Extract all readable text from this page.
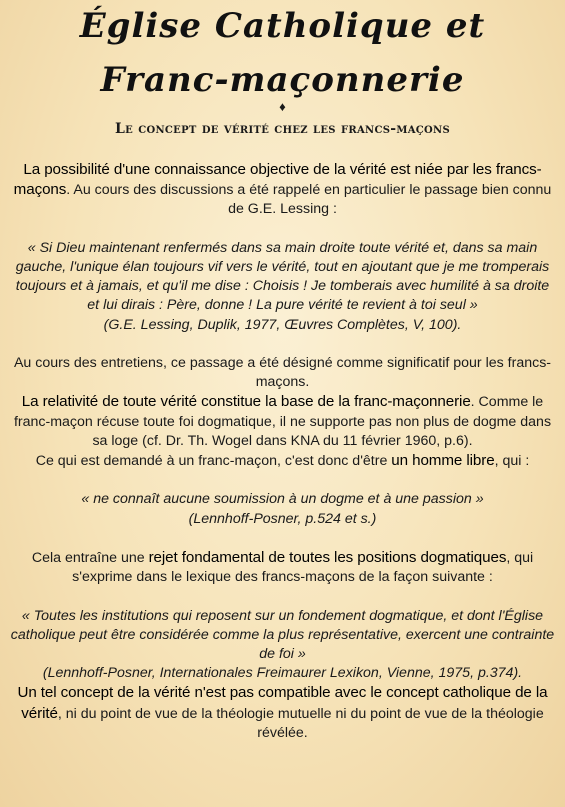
Église Catholique et
Franc-maçonnerie
♦
Le concept de vérité chez les francs-maçons

La possibilité d'une connaissance objective de la vérité est niée par les francs-maçons. Au cours des discussions a été rappelé en particulier le passage bien connu de G.E. Lessing :

« Si Dieu maintenant renfermés dans sa main droite toute vérité et, dans sa main gauche, l'unique élan toujours vif vers le vérité, tout en ajoutant que je me tromperais toujours et à jamais, et qu'il me dise : Choisis ! Je tomberais avec humilité à sa droite et lui dirais : Père, donne ! La pure vérité te revient à toi seul »

(G.E. Lessing, Duplik, 1977, Œuvres Complètes, V, 100).

Au cours des entretiens, ce passage a été désigné comme significatif pour les francs-maçons.

La relativité de toute vérité constitue la base de la franc-maçonnerie. Comme le franc-maçon récuse toute foi dogmatique, il ne supporte pas non plus de dogme dans sa loge (cf. Dr. Th. Wogel dans KNA du 11 février 1960, p.6).

Ce qui est demandé à un franc-maçon, c'est donc d'être un homme libre, qui :

« ne connaît aucune soumission à un dogme et à une passion »

(Lennhoff-Posner, p.524 et s.)

Cela entraîne une rejet fondamental de toutes les positions dogmatiques, qui s'exprime dans le lexique des francs-maçons de la façon suivante :

« Toutes les institutions qui reposent sur un fondement dogmatique, et dont l'Église catholique peut être considérée comme la plus représentative, exercent une contrainte de foi »

(Lennhoff-Posner, Internationales Freimaurer Lexikon, Vienne, 1975, p.374).

Un tel concept de la vérité n'est pas compatible avec le concept catholique de la vérité, ni du point de vue de la théologie mutuelle ni du point de vue de la théologie révélée.
